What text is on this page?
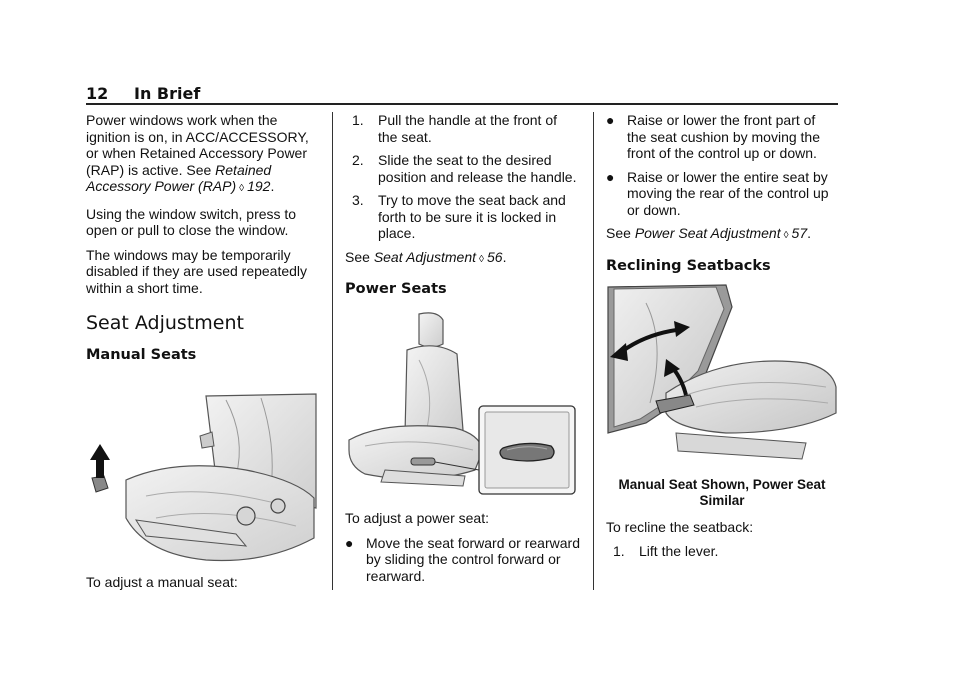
12 In Brief

Power windows work when the ignition is on, in ACC/ACCESSORY, or when Retained Accessory Power (RAP) is active. See Retained Accessory Power (RAP) ◊ 192.

Using the window switch, press to open or pull to close the window.

The windows may be temporarily disabled if they are used repeatedly within a short time.

Seat Adjustment
Manual Seats

To adjust a manual seat:

1. Pull the handle at the front of the seat.
2. Slide the seat to the desired position and release the handle.
3. Try to move the seat back and forth to be sure it is locked in place.

See Seat Adjustment ◊ 56.

Power Seats

To adjust a power seat:

● Move the seat forward or rearward by sliding the control forward or rearward.
● Raise or lower the front part of the seat cushion by moving the front of the control up or down.
● Raise or lower the entire seat by moving the rear of the control up or down.

See Power Seat Adjustment ◊ 57.

Reclining Seatbacks
Manual Seat Shown, Power Seat Similar

To recline the seatback:

1. Lift the lever.
